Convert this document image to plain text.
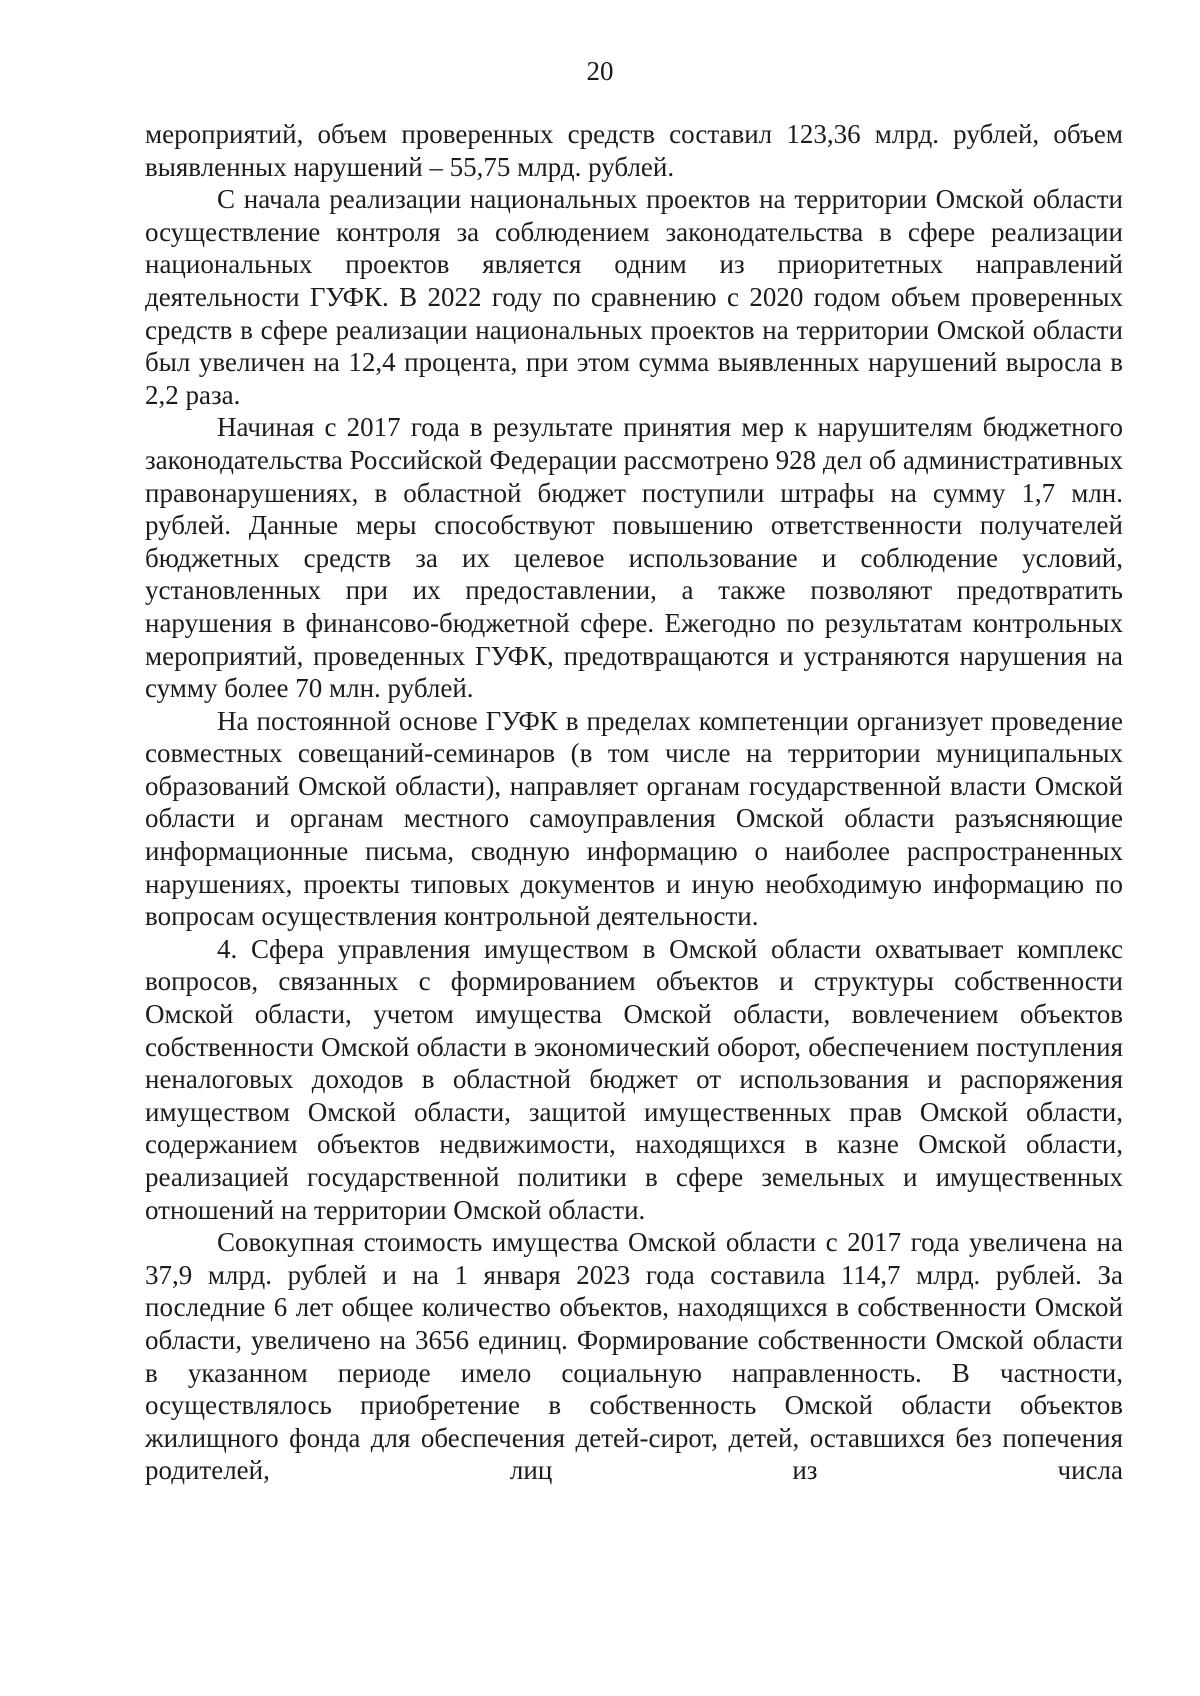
20

мероприятий, объем проверенных средств составил 123,36 млрд. рублей, объем выявленных нарушений – 55,75 млрд. рублей.

С начала реализации национальных проектов на территории Омской области осуществление контроля за соблюдением законодательства в сфере реализации национальных проектов является одним из приоритетных направлений деятельности ГУФК. В 2022 году по сравнению с 2020 годом объем проверенных средств в сфере реализации национальных проектов на территории Омской области был увеличен на 12,4 процента, при этом сумма выявленных нарушений выросла в 2,2 раза.

Начиная с 2017 года в результате принятия мер к нарушителям бюджетного законодательства Российской Федерации рассмотрено 928 дел об административных правонарушениях, в областной бюджет поступили штрафы на сумму 1,7 млн. рублей. Данные меры способствуют повышению ответственности получателей бюджетных средств за их целевое использование и соблюдение условий, установленных при их предоставлении, а также позволяют предотвратить нарушения в финансово-бюджетной сфере. Ежегодно по результатам контрольных мероприятий, проведенных ГУФК, предотвращаются и устраняются нарушения на сумму более 70 млн. рублей.

На постоянной основе ГУФК в пределах компетенции организует проведение совместных совещаний-семинаров (в том числе на территории муниципальных образований Омской области), направляет органам государственной власти Омской области и органам местного самоуправления Омской области разъясняющие информационные письма, сводную информацию о наиболее распространенных нарушениях, проекты типовых документов и иную необходимую информацию по вопросам осуществления контрольной деятельности.

4. Сфера управления имуществом в Омской области охватывает комплекс вопросов, связанных с формированием объектов и структуры собственности Омской области, учетом имущества Омской области, вовлечением объектов собственности Омской области в экономический оборот, обеспечением поступления неналоговых доходов в областной бюджет от использования и распоряжения имуществом Омской области, защитой имущественных прав Омской области, содержанием объектов недвижимости, находящихся в казне Омской области, реализацией государственной политики в сфере земельных и имущественных отношений на территории Омской области.

Совокупная стоимость имущества Омской области с 2017 года увеличена на 37,9 млрд. рублей и на 1 января 2023 года составила 114,7 млрд. рублей. За последние 6 лет общее количество объектов, находящихся в собственности Омской области, увеличено на 3656 единиц. Формирование собственности Омской области в указанном периоде имело социальную направленность. В частности, осуществлялось приобретение в собственность Омской области объектов жилищного фонда для обеспечения детей-сирот, детей, оставшихся без попечения родителей, лиц из числа
